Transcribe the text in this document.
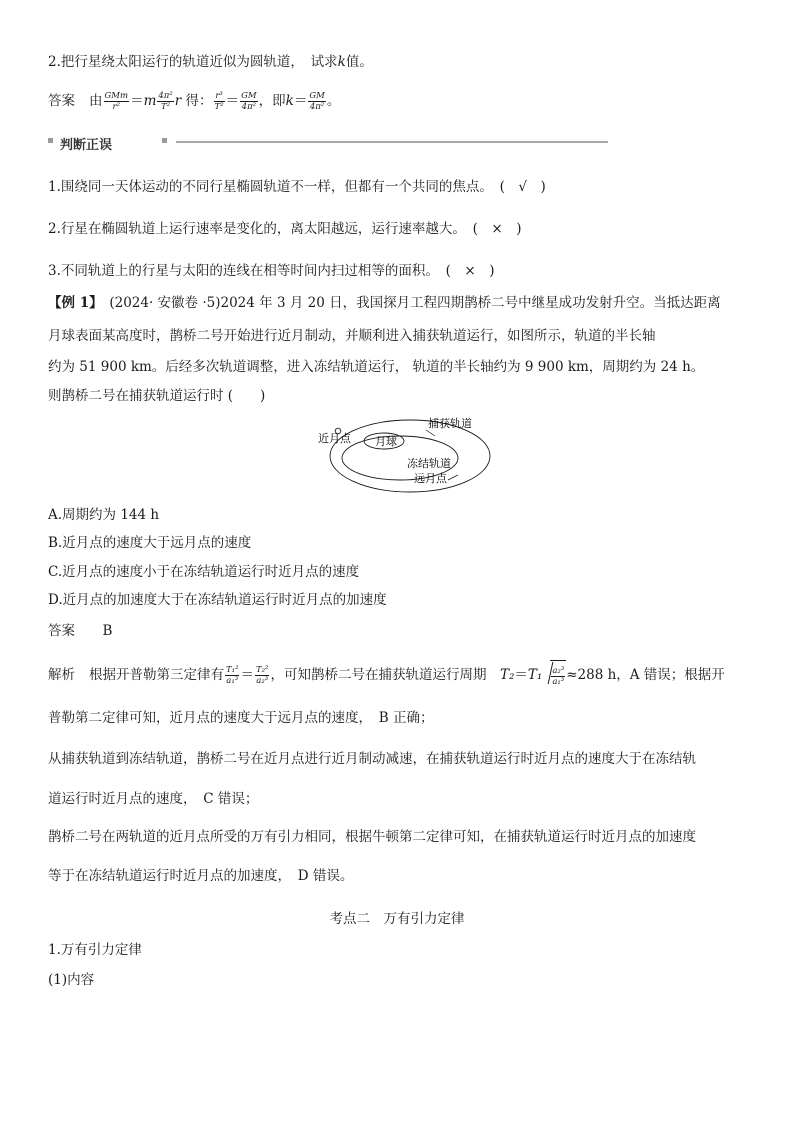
2.把行星绕太阳运行的轨道近似为圆轨道，　试求k值。
答案 由 $\frac{\text{GMm}}{\text{r²}} =m \frac{\text{4π²}}{\text{T²}}$ r 得： $\frac{\text{r³}}{\text{T²}} = \frac{GM}{\text{4π²}}$ ，即$k= \frac{GM}{\text{4π²}}$ 。
判断正误
1.围绕同一天体运动的不同行星椭圆轨道不一样，但都有一个共同的焦点。　 (　√　)
2.行星在椭圆轨道上运行速率是变化的，离太阳越远，运行速率越大。　 (　×　)
3.不同轨道上的行星与太阳的连线在相等时间内扫过相等的面积。　 (　×　)
【例 1】　 (2024· 安徽卷 ·5)2024 年 3 月 20 日，我国探月工程四期鹊桥二号中继星成功发射升空。当抵达距离
月球表面某高度时，鹊桥二号开始进行近月制动，并顺利进入捕获轨道运行，如图所示，轨道的半长轴
约为 51 900 km。后经多次轨道调整，进入冻结轨道运行， 轨道的半长轴约为 9 900 km，周期约为 24 h。
则鹊桥二号在捕获轨道运行时 (　　)
捕获轨道
近月点 月球
冻结轨道
远月点
A.周期约为 144 h
B.近月点的速度大于远月点的速度
C.近月点的速度小于在冻结轨道运行时近月点的速度
D.近月点的加速度大于在冻结轨道运行时近月点的加速度
答案　 B
解析 根据开普勒第三定律有 $\frac{\text{T₁²}}{\text{a₁³}} = \frac{\text{T₂²}}{\text{a₂³}}$ ，可知鹊桥二号在捕获轨道运行周期　 $T_2=T_1 \frac{\text{a₂³}}{\text{a₁³}} \approx 288$ h，A 错误；根据开
普勒第二定律可知，近月点的速度大于远月点的速度，　B 正确；
从捕获轨道到冻结轨道，鹊桥二号在近月点进行近月制动减速，在捕获轨道运行时近月点的速度大于在冻结轨
道运行时近月点的速度，　C 错误；
鹊桥二号在两轨道的近月点所受的万有引力相同，根据牛顿第二定律可知，在捕获轨道运行时近月点的加速度
等于在冻结轨道运行时近月点的加速度，　D 错误。
考点二　万有引力定律
1.万有引力定律
(1)内容
